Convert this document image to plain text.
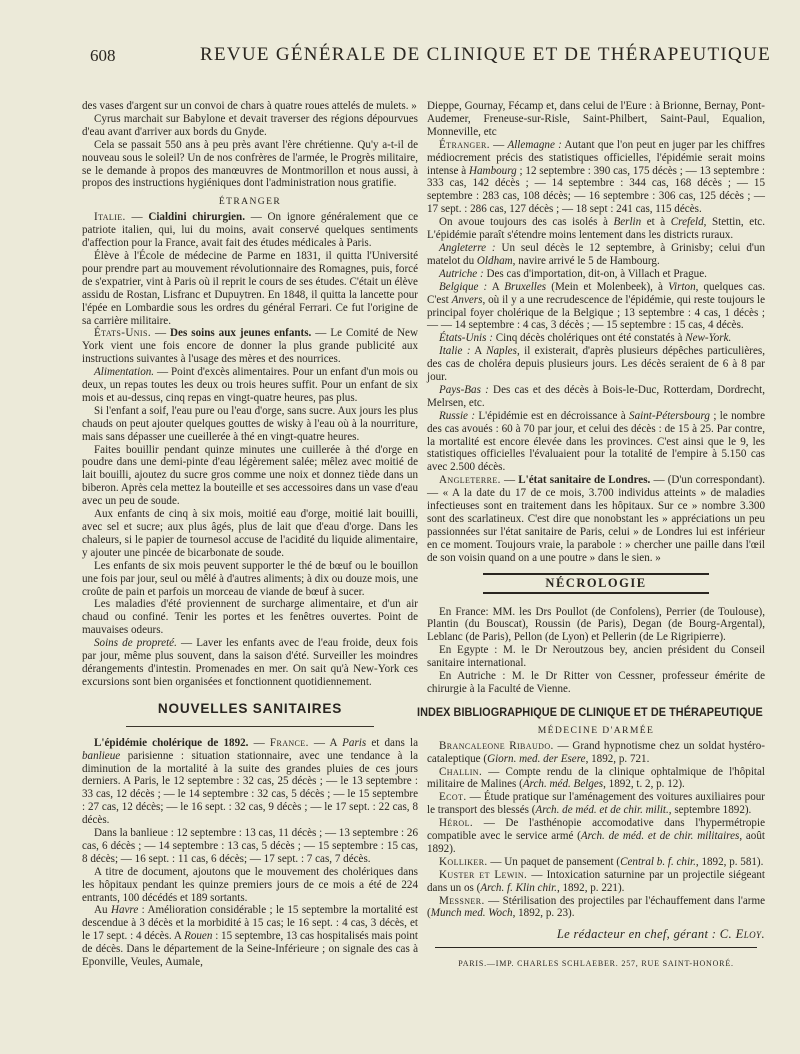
608	REVUE GÉNÉRALE DE CLINIQUE ET DE THÉRAPEUTIQUE

des vases d'argent sur un convoi de chars à quatre roues attelés de mulets. »

Cyrus marchait sur Babylone et devait traverser des régions dépourvues d'eau avant d'arriver aux bords du Gnyde.

Cela se passait 550 ans à peu près avant l'ère chrétienne. Qu'y a-t-il de nouveau sous le soleil? Un de nos confrères de l'armée, le Progrès militaire, se le demande à propos des manœuvres de Montmorillon et nous aussi, à propos des instructions hygiéniques dont l'administration nous gratifie.

ÉTRANGER

Italie. — Cialdini chirurgien. — On ignore généralement que ce patriote italien, qui, lui du moins, avait conservé quelques sentiments d'affection pour la France, avait fait des études médicales à Paris.

Élève à l'École de médecine de Parme en 1831, il quitta l'Université pour prendre part au mouvement révolutionnaire des Romagnes, puis, forcé de s'expatrier, vint à Paris où il reprit le cours de ses études. C'était un élève assidu de Rostan, Lisfranc et Dupuytren. En 1848, il quitta la lancette pour l'épée en Lombardie sous les ordres du général Ferrari. Ce fut l'origine de sa carrière militaire.

États-Unis. — Des soins aux jeunes enfants. — Le Comité de New York vient une fois encore de donner la plus grande publicité aux instructions suivantes à l'usage des mères et des nourrices.

Alimentation. — Point d'excès alimentaires. Pour un enfant d'un mois ou deux, un repas toutes les deux ou trois heures suffit. Pour un enfant de six mois et au-dessus, cinq repas en vingt-quatre heures, pas plus.

Si l'enfant a soif, l'eau pure ou l'eau d'orge, sans sucre. Aux jours les plus chauds on peut ajouter quelques gouttes de wisky à l'eau où à la nourriture, mais sans dépasser une cueillerée à thé en vingt-quatre heures.

Faites bouillir pendant quinze minutes une cuillerée à thé d'orge en poudre dans une demi-pinte d'eau légèrement salée; mêlez avec moitié de lait bouilli, ajoutez du sucre gros comme une noix et donnez tiède dans un biberon. Après cela mettez la bouteille et ses accessoires dans un vase d'eau avec un peu de soude.

Aux enfants de cinq à six mois, moitié eau d'orge, moitié lait bouilli, avec sel et sucre; aux plus âgés, plus de lait que d'eau d'orge. Dans les chaleurs, si le papier de tournesol accuse de l'acidité du liquide alimentaire, y ajouter une pincée de bicarbonate de soude.

Les enfants de six mois peuvent supporter le thé de bœuf ou le bouillon une fois par jour, seul ou mêlé à d'autres aliments; à dix ou douze mois, une croûte de pain et parfois un morceau de viande de bœuf à sucer.

Les maladies d'été proviennent de surcharge alimentaire, et d'un air chaud ou confiné. Tenir les portes et les fenêtres ouvertes. Point de mauvaises odeurs.

Soins de propreté. — Laver les enfants avec de l'eau froide, deux fois par jour, même plus souvent, dans la saison d'été. Surveiller les moindres dérangements d'intestin. Promenades en mer. On sait qu'à New-York ces excursions sont bien organisées et fonctionnent quotidiennement.

NOUVELLES SANITAIRES

L'épidémie cholérique de 1892. — France. — A Paris et dans la banlieue parisienne : situation stationnaire, avec une tendance à la diminution de la mortalité à la suite des grandes pluies de ces jours derniers. A Paris, le 12 septembre : 32 cas, 25 décès ; — le 13 septembre : 33 cas, 12 décès ; — le 14 septembre : 32 cas, 5 décès ; — le 15 septembre : 27 cas, 12 décès; — le 16 sept. : 32 cas, 9 décès ; — le 17 sept. : 22 cas, 8 décès.

Dans la banlieue : 12 septembre : 13 cas, 11 décès ; — 13 septembre : 26 cas, 6 décès ; — 14 septembre : 13 cas, 5 décès ; — 15 septembre : 15 cas, 8 décès; — 16 sept. : 11 cas, 6 décès; — 17 sept. : 7 cas, 7 décès.

A titre de document, ajoutons que le mouvement des cholériques dans les hôpitaux pendant les quinze premiers jours de ce mois a été de 224 entrants, 100 décédés et 189 sortants.

Au Havre : Amélioration considérable ; le 15 septembre la mortalité est descendue à 3 décès et la morbidité à 15 cas; le 16 sept. : 4 cas, 3 décès, et le 17 sept. : 4 décès. A Rouen : 15 septembre, 13 cas hospitalisés mais point de décès. Dans le département de la Seine-Inférieure ; on signale des cas à Eponville, Veules, Aumale,

Dieppe, Gournay, Fécamp et, dans celui de l'Eure : à Brionne, Bernay, Pont-Audemer, Freneuse-sur-Risle, Saint-Philbert, Saint-Paul, Equalion, Monneville, etc

Étranger. — Allemagne : Autant que l'on peut en juger par les chiffres médiocrement précis des statistiques officielles, l'épidémie serait moins intense à Hambourg ; 12 septembre : 390 cas, 175 décès ; — 13 septembre : 333 cas, 142 décès ; — 14 septembre : 344 cas, 168 décès ; — 15 septembre : 283 cas, 108 décès; — 16 septembre : 306 cas, 125 décès ; — 17 sept. : 286 cas, 127 décès ; — 18 sept : 241 cas, 115 décès.

On avoue toujours des cas isolés à Berlin et à Crefeld, Stettin, etc. L'épidémie paraît s'étendre moins lentement dans les districts ruraux.

Angleterre : Un seul décès le 12 septembre, à Grinisby; celui d'un matelot du Oldham, navire arrivé le 5 de Hambourg.

Autriche : Des cas d'importation, dit-on, à Villach et Prague.

Belgique : A Bruxelles (Mein et Molenbeek), à Virton, quelques cas. C'est Anvers, où il y a une recrudescence de l'épidémie, qui reste toujours le principal foyer cholérique de la Belgique ; 13 septembre : 4 cas, 1 décès ; — — 14 septembre : 4 cas, 3 décès ; — 15 septembre : 15 cas, 4 décès.

États-Unis : Cinq décès cholériques ont été constatés à New-York.

Italie : A Naples, il existerait, d'après plusieurs dépêches particulières, des cas de choléra depuis plusieurs jours. Les décès seraient de 6 à 8 par jour.

Pays-Bas : Des cas et des décès à Bois-le-Duc, Rotterdam, Dordrecht, Melrsen, etc.

Russie : L'épidémie est en décroissance à Saint-Pétersbourg ; le nombre des cas avoués : 60 à 70 par jour, et celui des décès : de 15 à 25. Par contre, la mortalité est encore élevée dans les provinces. C'est ainsi que le 9, les statistiques officielles l'évaluaient pour la totalité de l'empire à 5.150 cas avec 2.500 décès.

Angleterre. — L'état sanitaire de Londres. — (D'un correspondant). — « A la date du 17 de ce mois, 3.700 individus atteints » de maladies infectieuses sont en traitement dans les hôpitaux. Sur ce » nombre 3.300 sont des scarlatineux. C'est dire que nonobstant les » appréciations un peu passionnées sur l'état sanitaire de Paris, celui » de Londres lui est inférieur en ce moment. Toujours vraie, la parabole : » chercher une paille dans l'œil de son voisin quand on a une poutre » dans le sien. »

NÉCROLOGIE

En France: MM. les Drs Poullot (de Confolens), Perrier (de Toulouse), Plantin (du Bouscat), Roussin (de Paris), Degan (de Bourg-Argental), Leblanc (de Paris), Pellon (de Lyon) et Pellerin (de Le Rigripierre).

En Egypte : M. le Dr Neroutzous bey, ancien président du Conseil sanitaire international.

En Autriche : M. le Dr Ritter von Cessner, professeur émérite de chirurgie à la Faculté de Vienne.

INDEX BIBLIOGRAPHIQUE DE CLINIQUE ET DE THÉRAPEUTIQUE
MÉDECINE D'ARMÉE

Brancaleone Ribaudo. — Grand hypnotisme chez un soldat hystéro-cataleptique (Giorn. med. der Esere, 1892, p. 721.

Challin. — Compte rendu de la clinique ophtalmique de l'hôpital militaire de Malines (Arch. méd. Belges, 1892, t. 2, p. 12).

Ecot. — Étude pratique sur l'aménagement des voitures auxiliaires pour le transport des blessés (Arch. de méd. et de chir. milit., septembre 1892).

Hérol. — De l'asthénopie accomodative dans l'hypermétropie compatible avec le service armé (Arch. de méd. et de chir. militaires, août 1892).

Kolliker. — Un paquet de pansement (Central b. f. chir., 1892, p. 581).

Kuster et Lewin. — Intoxication saturnine par un projectile siégeant dans un os (Arch. f. Klin chir., 1892, p. 221).

Messner. — Stérilisation des projectiles par l'échauffement dans l'arme (Munch med. Woch, 1892, p. 23).

Le rédacteur en chef, gérant : C. Eloy.
PARIS.—IMP. CHARLES SCHLAEBER. 257, RUE SAINT-HONORÉ.
